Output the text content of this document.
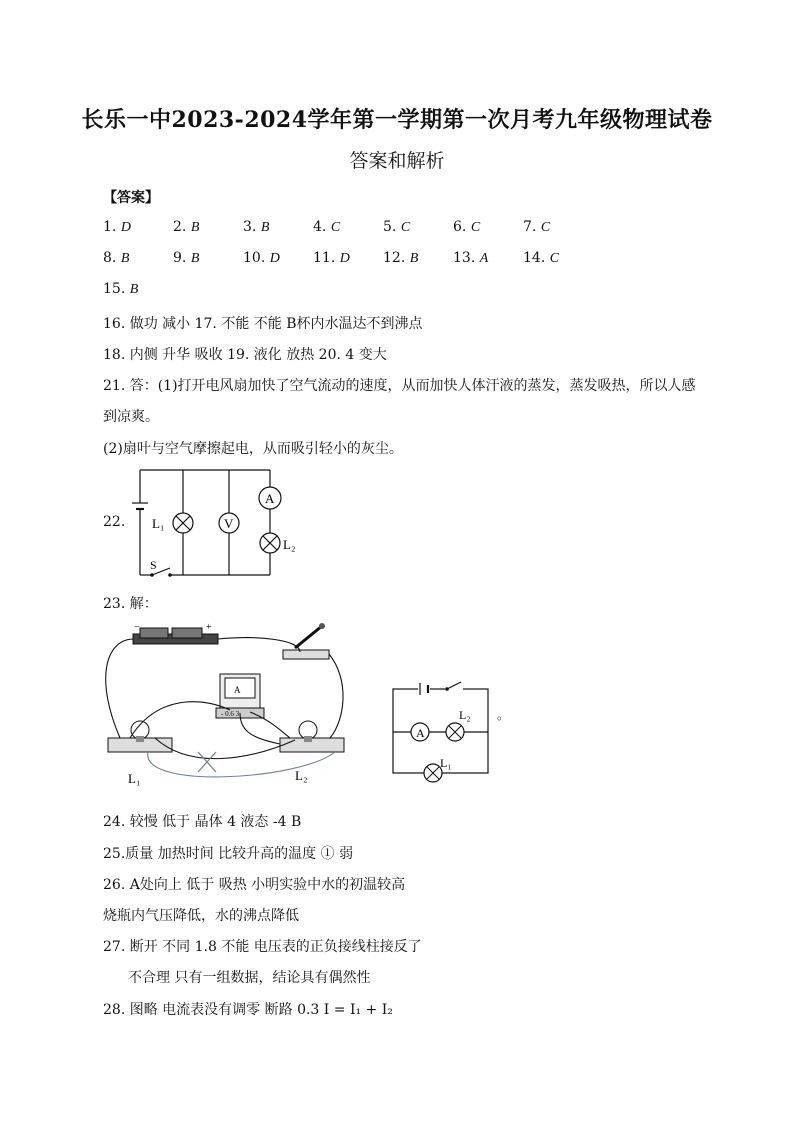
长乐一中2023-2024学年第一学期第一次月考九年级物理试卷
答案和解析
【答案】
1. D	2. B	3. B	4. C	5. C	6. C	7. C
8. B	9. B	10. D 11. D 12. B 13. A 14. C
15. B
16. 做功 减小 17. 不能 不能 B杯内水温达不到沸点
18. 内侧 升华 吸收 19. 液化 放热 20. 4 变大
21. 答：(1)打开电风扇加快了空气流动的速度，从而加快人体汗液的蒸发，蒸发吸热，所以人感
到凉爽。
(2)扇叶与空气摩擦起电，从而吸引轻小的灰尘。
22. L₁	V
A
L₂
S
23. 解：
−	+
A
- 0.6 3
L₁	L₂
A
L₂
L₁
。
24. 较慢 低于 晶体 4 液态 -4 B
25.质量 加热时间 比较升高的温度 ① 弱
26. A处向上 低于 吸热 小明实验中水的初温较高
烧瓶内气压降低，水的沸点降低
27. 断开 不同 1.8 不能 电压表的正负接线柱接反了
不合理 只有一组数据，结论具有偶然性
28. 图略 电流表没有调零 断路 0.3 I = I₁ + I₂
